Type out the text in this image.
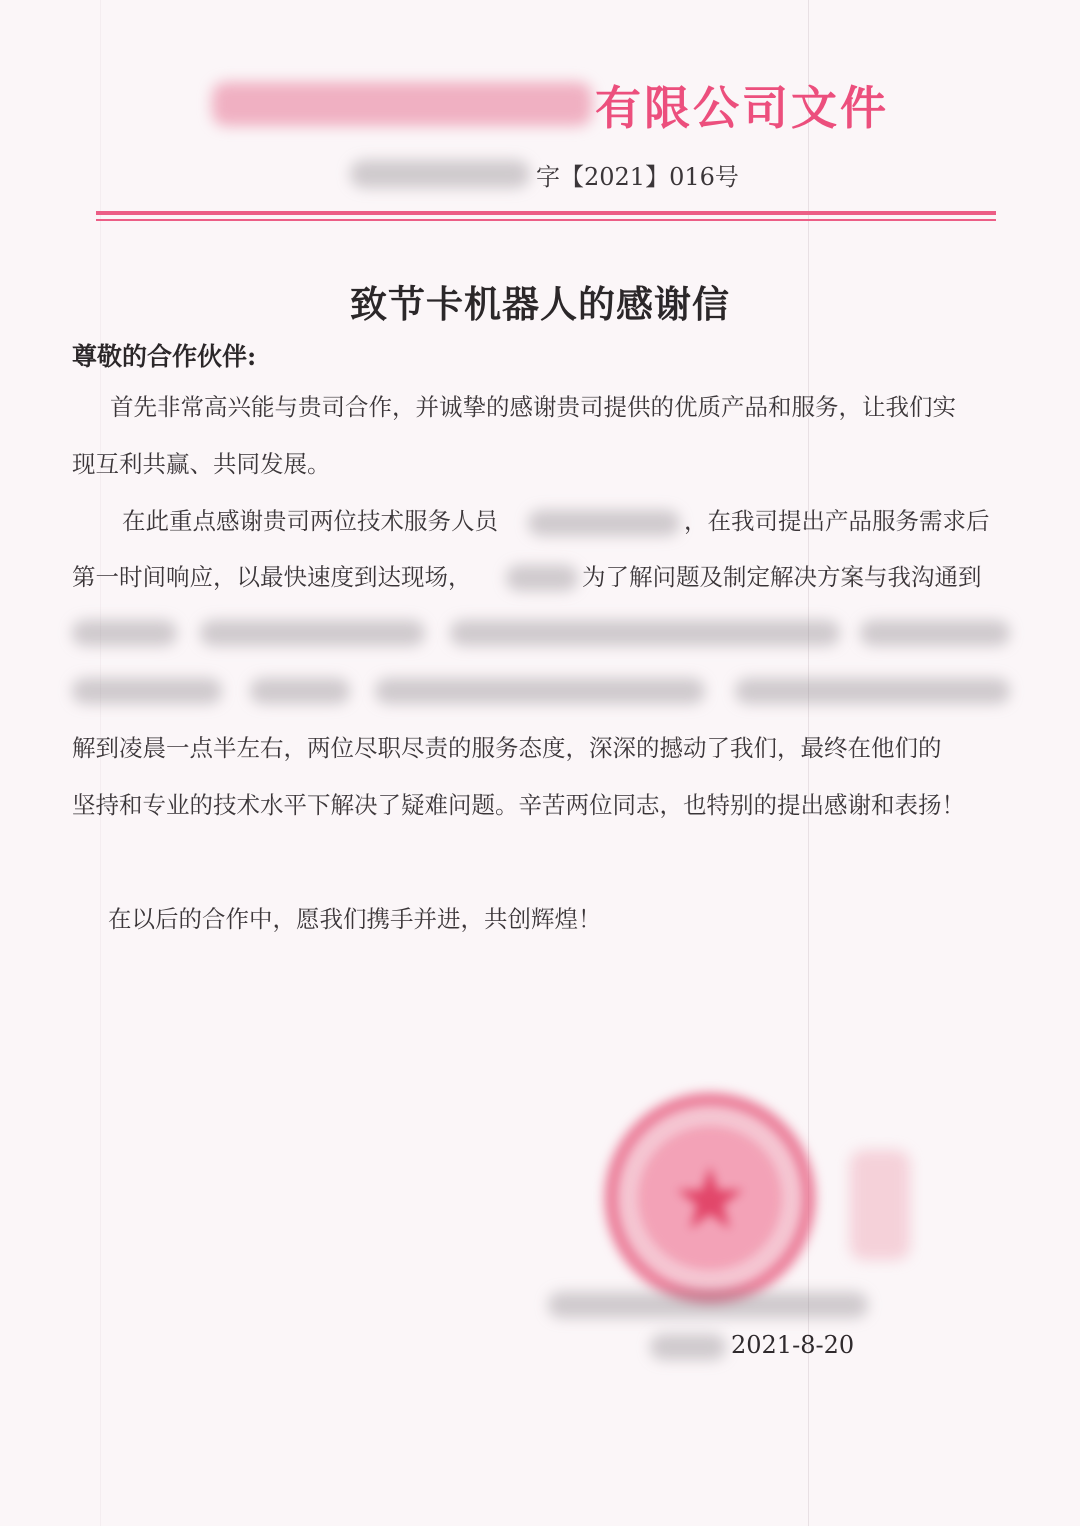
有限公司文件
字【2021】016号
致节卡机器人的感谢信
尊敬的合作伙伴:
首先非常高兴能与贵司合作，并诚挚的感谢贵司提供的优质产品和服务，让我们实
现互利共赢、共同发展。
在此重点感谢贵司两位技术服务人员	，在我司提出产品服务需求后
第一时间响应，以最快速度到达现场，	为了解问题及制定解决方案与我沟通到
解到凌晨一点半左右，两位尽职尽责的服务态度，深深的撼动了我们，最终在他们的
坚持和专业的技术水平下解决了疑难问题。辛苦两位同志，也特别的提出感谢和表扬！
在以后的合作中，愿我们携手并进，共创辉煌！
2021-8-20
